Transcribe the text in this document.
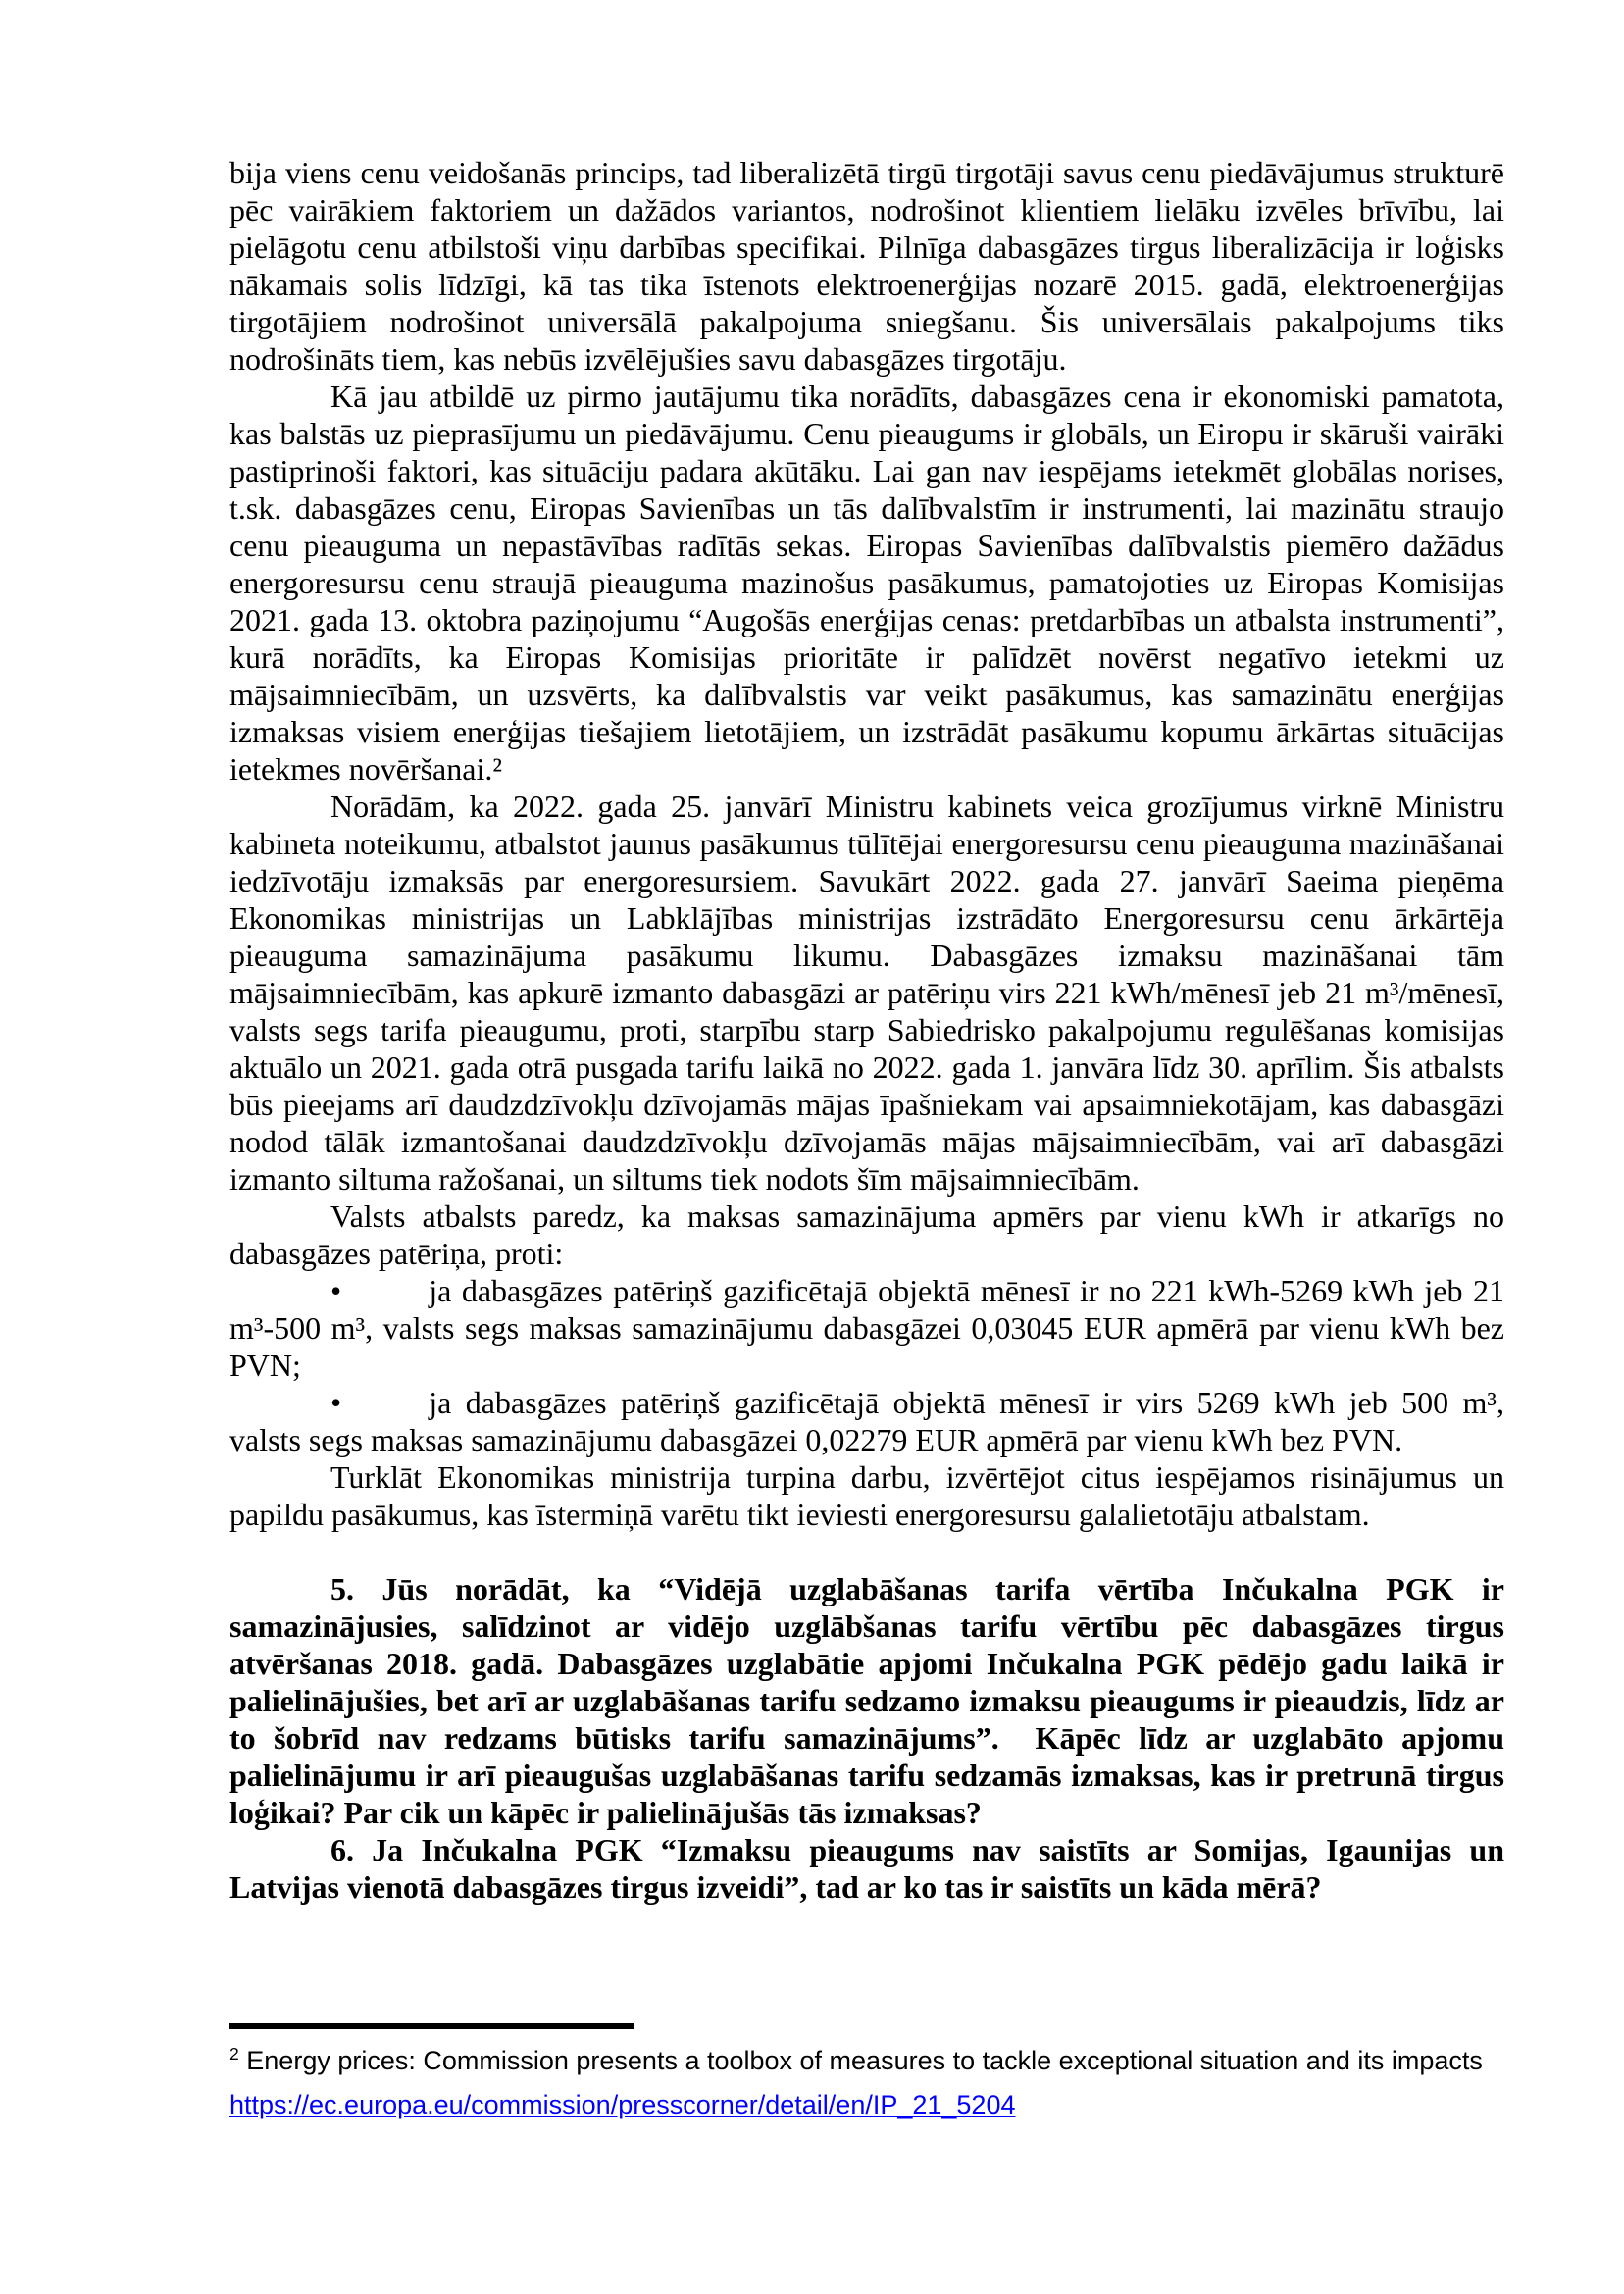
bija viens cenu veidošanās princips, tad liberalizētā tirgū tirgotāji savus cenu piedāvājumus strukturē pēc vairākiem faktoriem un dažādos variantos, nodrošinot klientiem lielāku izvēles brīvību, lai pielāgotu cenu atbilstoši viņu darbības specifikai. Pilnīga dabasgāzes tirgus liberalizācija ir loģisks nākamais solis līdzīgi, kā tas tika īstenots elektroenerģijas nozarē 2015. gadā, elektroenerģijas tirgotājiem nodrošinot universālā pakalpojuma sniegšanu. Šis universālais pakalpojums tiks nodrošināts tiem, kas nebūs izvēlējušies savu dabasgāzes tirgotāju.

Kā jau atbildē uz pirmo jautājumu tika norādīts, dabasgāzes cena ir ekonomiski pamatota, kas balstās uz pieprasījumu un piedāvājumu. Cenu pieaugums ir globāls, un Eiropu ir skāruši vairāki pastiprinoši faktori, kas situāciju padara akūtāku. Lai gan nav iespējams ietekmēt globālas norises, t.sk. dabasgāzes cenu, Eiropas Savienības un tās dalībvalstīm ir instrumenti, lai mazinātu straujo cenu pieauguma un nepastāvības radītās sekas. Eiropas Savienības dalībvalstis piemēro dažādus energoresursu cenu straujā pieauguma mazinošus pasākumus, pamatojoties uz Eiropas Komisijas 2021. gada 13. oktobra paziņojumu “Augošās enerģijas cenas: pretdarbības un atbalsta instrumenti”, kurā norādīts, ka Eiropas Komisijas prioritāte ir palīdzēt novērst negatīvo ietekmi uz mājsaimniecībām, un uzsvērts, ka dalībvalstis var veikt pasākumus, kas samazinātu enerģijas izmaksas visiem enerģijas tiešajiem lietotājiem, un izstrādāt pasākumu kopumu ārkārtas situācijas ietekmes novēršanai.²

Norādām, ka 2022. gada 25. janvārī Ministru kabinets veica grozījumus virknē Ministru kabineta noteikumu, atbalstot jaunus pasākumus tūlītējai energoresursu cenu pieauguma mazināšanai iedzīvotāju izmaksās par energoresursiem. Savukārt 2022. gada 27. janvārī Saeima pieņēma Ekonomikas ministrijas un Labklājības ministrijas izstrādāto Energoresursu cenu ārkārtēja pieauguma samazinājuma pasākumu likumu. Dabasgāzes izmaksu mazināšanai tām mājsaimniecībām, kas apkurē izmanto dabasgāzi ar patēriņu virs 221 kWh/mēnesī jeb 21 m³/mēnesī, valsts segs tarifa pieaugumu, proti, starpību starp Sabiedrisko pakalpojumu regulēšanas komisijas aktuālo un 2021. gada otrā pusgada tarifu laikā no 2022. gada 1. janvāra līdz 30. aprīlim. Šis atbalsts būs pieejams arī daudzdzīvokļu dzīvojamās mājas īpašniekam vai apsaimniekotājam, kas dabasgāzi nodod tālāk izmantošanai daudzdzīvokļu dzīvojamās mājas mājsaimniecībām, vai arī dabasgāzi izmanto siltuma ražošanai, un siltums tiek nodots šīm mājsaimniecībām.

Valsts atbalsts paredz, ka maksas samazinājuma apmērs par vienu kWh ir atkarīgs no dabasgāzes patēriņa, proti:

•	ja dabasgāzes patēriņš gazificētajā objektā mēnesī ir no 221 kWh-5269 kWh jeb 21 m³-500 m³, valsts segs maksas samazinājumu dabasgāzei 0,03045 EUR apmērā par vienu kWh bez PVN;

•	ja dabasgāzes patēriņš gazificētajā objektā mēnesī ir virs 5269 kWh jeb 500 m³, valsts segs maksas samazinājumu dabasgāzei 0,02279 EUR apmērā par vienu kWh bez PVN.

Turklāt Ekonomikas ministrija turpina darbu, izvērtējot citus iespējamos risinājumus un papildu pasākumus, kas īstermiņā varētu tikt ieviesti energoresursu galalietotāju atbalstam.

5. Jūs norādāt, ka “Vidējā uzglabāšanas tarifa vērtība Inčukalna PGK ir samazinājusies, salīdzinot ar vidējo uzglābšanas tarifu vērtību pēc dabasgāzes tirgus atvēršanas 2018. gadā. Dabasgāzes uzglabātie apjomi Inčukalna PGK pēdējo gadu laikā ir palielinājušies, bet arī ar uzglabāšanas tarifu sedzamo izmaksu pieaugums ir pieaudzis, līdz ar to šobrīd nav redzams būtisks tarifu samazinājums”.  Kāpēc līdz ar uzglabāto apjomu palielinājumu ir arī pieaugušas uzglabāšanas tarifu sedzamās izmaksas, kas ir pretrunā tirgus loģikai? Par cik un kāpēc ir palielinājušās tās izmaksas?

6. Ja Inčukalna PGK “Izmaksu pieaugums nav saistīts ar Somijas, Igaunijas un Latvijas vienotā dabasgāzes tirgus izveidi”, tad ar ko tas ir saistīts un kāda mērā?

$^2$ Energy prices: Commission presents a toolbox of measures to tackle exceptional situation and its impacts
https://ec.europa.eu/commission/presscorner/detail/en/IP_21_5204
